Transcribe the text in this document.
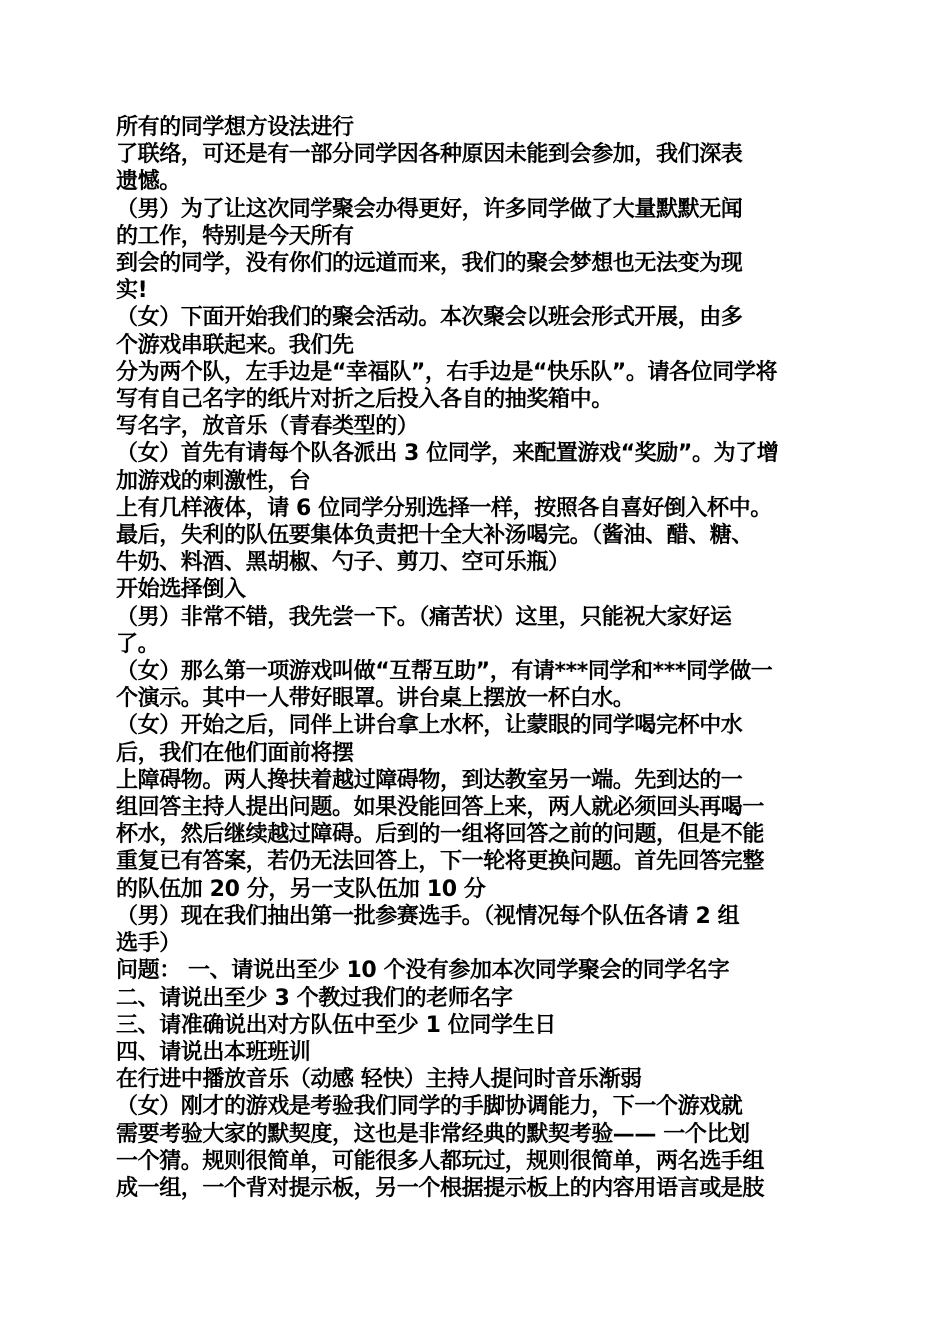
所有的同学想方设法进行
了联络，可还是有一部分同学因各种原因未能到会参加，我们深表
遗憾。
（男）为了让这次同学聚会办得更好，许多同学做了大量默默无闻
的工作，特别是今天所有
到会的同学，没有你们的远道而来，我们的聚会梦想也无法变为现
实!
（女）下面开始我们的聚会活动。本次聚会以班会形式开展，由多
个游戏串联起来。我们先
分为两个队，左手边是“幸福队”，右手边是“快乐队”。请各位同学将
写有自己名字的纸片对折之后投入各自的抽奖箱中。
写名字，放音乐（青春类型的）
（女）首先有请每个队各派出 3 位同学，来配置游戏“奖励”。为了增
加游戏的刺激性，台
上有几样液体，请 6 位同学分别选择一样，按照各自喜好倒入杯中。
最后，失利的队伍要集体负责把十全大补汤喝完。（酱油、醋、糖、
牛奶、料酒、黑胡椒、勺子、剪刀、空可乐瓶）
开始选择倒入
（男）非常不错，我先尝一下。（痛苦状）这里，只能祝大家好运
了。
（女）那么第一项游戏叫做“互帮互助”，有请***同学和***同学做一
个演示。其中一人带好眼罩。讲台桌上摆放一杯白水。
（女）开始之后，同伴上讲台拿上水杯，让蒙眼的同学喝完杯中水
后，我们在他们面前将摆
上障碍物。两人搀扶着越过障碍物，到达教室另一端。先到达的一
组回答主持人提出问题。如果没能回答上来，两人就必须回头再喝一
杯水，然后继续越过障碍。后到的一组将回答之前的问题，但是不能
重复已有答案，若仍无法回答上，下一轮将更换问题。首先回答完整
的队伍加 20 分，另一支队伍加 10 分
（男）现在我们抽出第一批参赛选手。（视情况每个队伍各请 2 组
选手）
问题： 一、请说出至少 10 个没有参加本次同学聚会的同学名字
二、请说出至少 3 个教过我们的老师名字
三、请准确说出对方队伍中至少 1 位同学生日
四、请说出本班班训
在行进中播放音乐（动感 轻快）主持人提问时音乐渐弱
（女）刚才的游戏是考验我们同学的手脚协调能力，下一个游戏就
需要考验大家的默契度，这也是非常经典的默契考验—— 一个比划
一个猜。规则很简单，可能很多人都玩过，规则很简单，两名选手组
成一组，一个背对提示板，另一个根据提示板上的内容用语言或是肢
